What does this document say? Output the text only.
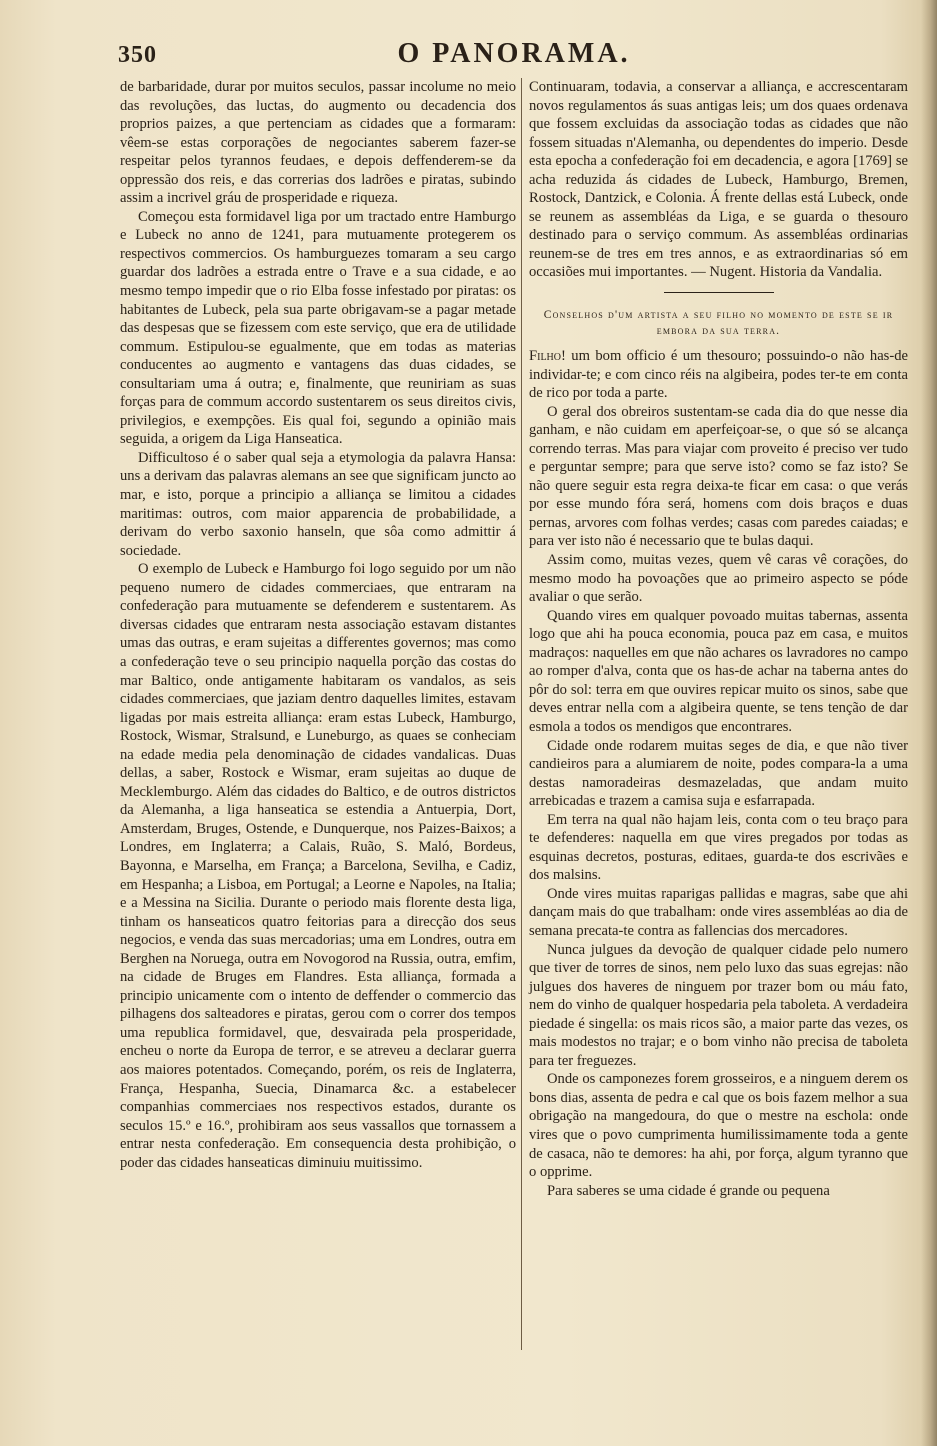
350	O PANORAMA.

de barbaridade, durar por muitos seculos, passar incolume no meio das revoluções, das luctas, do augmento ou decadencia dos proprios paizes, a que pertenciam as cidades que a formaram: vêem-se estas corporações de negociantes saberem fazer-se respeitar pelos tyrannos feudaes, e depois deffenderem-se da oppressão dos reis, e das correrias dos ladrões e piratas, subindo assim a incrivel gráu de prosperidade e riqueza.

Começou esta formidavel liga por um tractado entre Hamburgo e Lubeck no anno de 1241, para mutuamente protegerem os respectivos commercios. Os hamburguezes tomaram a seu cargo guardar dos ladrões a estrada entre o Trave e a sua cidade, e ao mesmo tempo impedir que o rio Elba fosse infestado por piratas: os habitantes de Lubeck, pela sua parte obrigavam-se a pagar metade das despesas que se fizessem com este serviço, que era de utilidade commum. Estipulou-se egualmente, que em todas as materias conducentes ao augmento e vantagens das duas cidades, se consultariam uma á outra; e, finalmente, que reuniriam as suas forças para de commum accordo sustentarem os seus direitos civis, privilegios, e exempções. Eis qual foi, segundo a opinião mais seguida, a origem da Liga Hanseatica.

Difficultoso é o saber qual seja a etymologia da palavra Hansa: uns a derivam das palavras alemans an see que significam juncto ao mar, e isto, porque a principio a alliança se limitou a cidades maritimas: outros, com maior apparencia de probabilidade, a derivam do verbo saxonio hanseln, que sôa como admittir á sociedade.

O exemplo de Lubeck e Hamburgo foi logo seguido por um não pequeno numero de cidades commerciaes, que entraram na confederação para mutuamente se defenderem e sustentarem. As diversas cidades que entraram nesta associação estavam distantes umas das outras, e eram sujeitas a differentes governos; mas como a confederação teve o seu principio naquella porção das costas do mar Baltico, onde antigamente habitaram os vandalos, as seis cidades commerciaes, que jaziam dentro daquelles limites, estavam ligadas por mais estreita alliança: eram estas Lubeck, Hamburgo, Rostock, Wismar, Stralsund, e Luneburgo, as quaes se conheciam na edade media pela denominação de cidades vandalicas. Duas dellas, a saber, Rostock e Wismar, eram sujeitas ao duque de Mecklemburgo. Além das cidades do Baltico, e de outros districtos da Alemanha, a liga hanseatica se estendia a Antuerpia, Dort, Amsterdam, Bruges, Ostende, e Dunquerque, nos Paizes-Baixos; a Londres, em Inglaterra; a Calais, Ruão, S. Maló, Bordeus, Bayonna, e Marselha, em França; a Barcelona, Sevilha, e Cadiz, em Hespanha; a Lisboa, em Portugal; a Leorne e Napoles, na Italia; e a Messina na Sicilia. Durante o periodo mais florente desta liga, tinham os hanseaticos quatro feitorias para a direcção dos seus negocios, e venda das suas mercadorias; uma em Londres, outra em Berghen na Noruega, outra em Novogorod na Russia, outra, emfim, na cidade de Bruges em Flandres. Esta alliança, formada a principio unicamente com o intento de deffender o commercio das pilhagens dos salteadores e piratas, gerou com o correr dos tempos uma republica formidavel, que, desvairada pela prosperidade, encheu o norte da Europa de terror, e se atreveu a declarar guerra aos maiores potentados. Começando, porém, os reis de Inglaterra, França, Hespanha, Suecia, Dinamarca &c. a estabelecer companhias commerciaes nos respectivos estados, durante os seculos 15.º e 16.º, prohibiram aos seus vassallos que tornassem a entrar nesta confederação. Em consequencia desta prohibição, o poder das cidades hanseaticas diminuiu muitissimo.

Continuaram, todavia, a conservar a alliança, e accrescentaram novos regulamentos ás suas antigas leis; um dos quaes ordenava que fossem excluidas da associação todas as cidades que não fossem situadas n'Alemanha, ou dependentes do imperio. Desde esta epocha a confederação foi em decadencia, e agora [1769] se acha reduzida ás cidades de Lubeck, Hamburgo, Bremen, Rostock, Dantzick, e Colonia. Á frente dellas está Lubeck, onde se reunem as assembléas da Liga, e se guarda o thesouro destinado para o serviço commum. As assembléas ordinarias reunem-se de tres em tres annos, e as extraordinarias só em occasiões mui importantes. — Nugent. Historia da Vandalia.

Conselhos d'um artista a seu filho no momento de este se ir embora da sua terra.

Filho! um bom officio é um thesouro; possuindo-o não has-de individar-te; e com cinco réis na algibeira, podes ter-te em conta de rico por toda a parte.

O geral dos obreiros sustentam-se cada dia do que nesse dia ganham, e não cuidam em aperfeiçoar-se, o que só se alcança correndo terras. Mas para viajar com proveito é preciso ver tudo e perguntar sempre; para que serve isto? como se faz isto? Se não quere seguir esta regra deixa-te ficar em casa: o que verás por esse mundo fóra será, homens com dois braços e duas pernas, arvores com folhas verdes; casas com paredes caiadas; e para ver isto não é necessario que te bulas daqui.

Assim como, muitas vezes, quem vê caras vê corações, do mesmo modo ha povoações que ao primeiro aspecto se póde avaliar o que serão.

Quando vires em qualquer povoado muitas tabernas, assenta logo que ahi ha pouca economia, pouca paz em casa, e muitos madraços: naquelles em que não achares os lavradores no campo ao romper d'alva, conta que os has-de achar na taberna antes do pôr do sol: terra em que ouvires repicar muito os sinos, sabe que deves entrar nella com a algibeira quente, se tens tenção de dar esmola a todos os mendigos que encontrares.

Cidade onde rodarem muitas seges de dia, e que não tiver candieiros para a alumiarem de noite, podes compara-la a uma destas namoradeiras desmazeladas, que andam muito arrebicadas e trazem a camisa suja e esfarrapada.

Em terra na qual não hajam leis, conta com o teu braço para te defenderes: naquella em que vires pregados por todas as esquinas decretos, posturas, editaes, guarda-te dos escrivães e dos malsins.

Onde vires muitas raparigas pallidas e magras, sabe que ahi dançam mais do que trabalham: onde vires assembléas ao dia de semana precata-te contra as fallencias dos mercadores.

Nunca julgues da devoção de qualquer cidade pelo numero que tiver de torres de sinos, nem pelo luxo das suas egrejas: não julgues dos haveres de ninguem por trazer bom ou máu fato, nem do vinho de qualquer hospedaria pela taboleta. A verdadeira piedade é singella: os mais ricos são, a maior parte das vezes, os mais modestos no trajar; e o bom vinho não precisa de taboleta para ter freguezes.

Onde os camponezes forem grosseiros, e a ninguem derem os bons dias, assenta de pedra e cal que os bois fazem melhor a sua obrigação na mangedoura, do que o mestre na eschola: onde vires que o povo cumprimenta humilissimamente toda a gente de casaca, não te demores: ha ahi, por força, algum tyranno que o opprime.

Para saberes se uma cidade é grande ou pequena
